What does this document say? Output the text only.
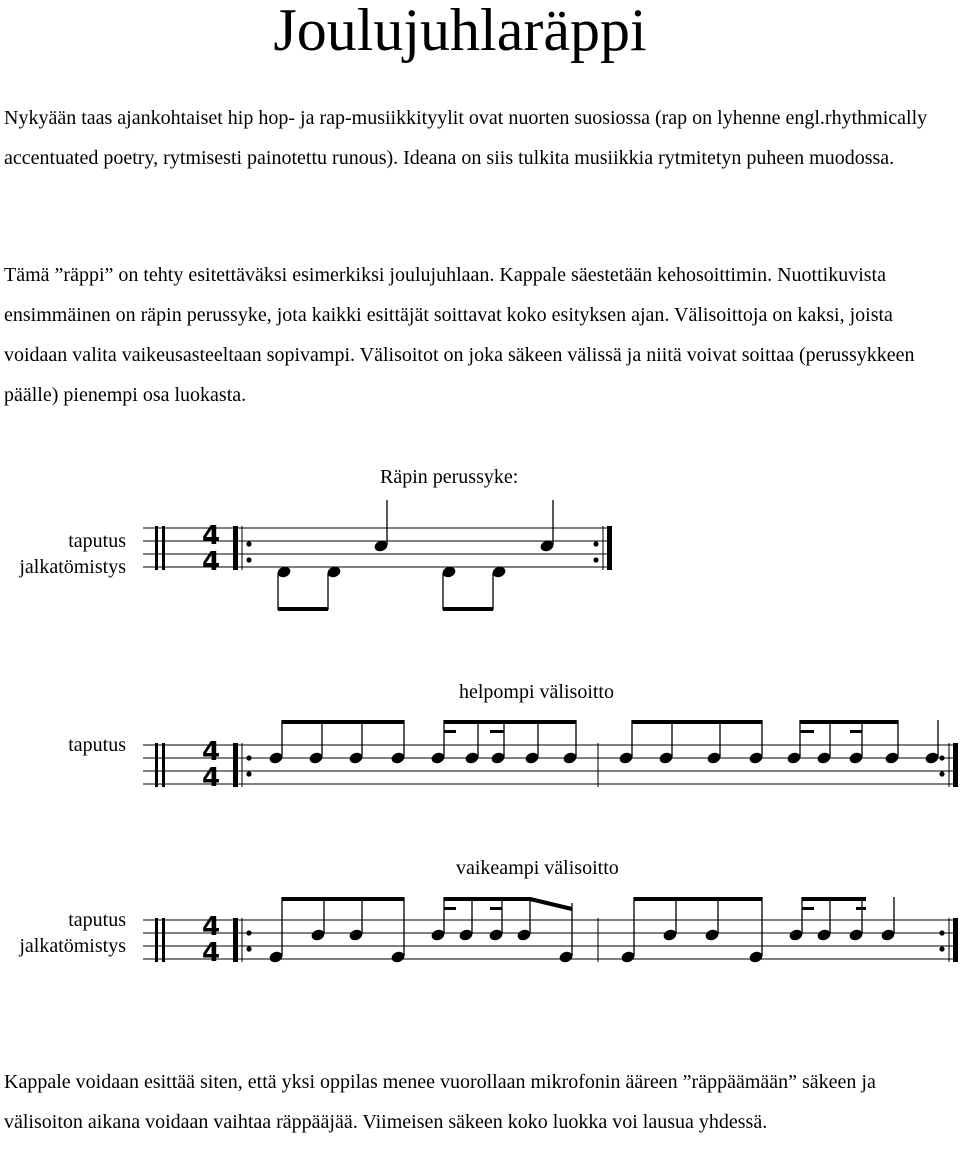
Joulujuhlaräppi

Nykyään taas ajankohtaiset hip hop- ja rap-musiikkityylit ovat nuorten suosiossa (rap on lyhenne engl.rhythmically accentuated poetry, rytmisesti painotettu runous). Ideana on siis tulkita musiikkia rytmitetyn puheen muodossa.

Tämä ”räppi” on tehty esitettäväksi esimerkiksi joulujuhlaan. Kappale säestetään kehosoittimin. Nuottikuvista ensimmäinen on räpin perussyke, jota kaikki esittäjät soittavat koko esityksen ajan. Välisoittoja on kaksi, joista voidaan valita vaikeusasteeltaan sopivampi. Välisoitot on joka säkeen välissä ja niitä voivat soittaa (perussykkeen päälle) pienempi osa luokasta.

Räpin perussyke:
taputus
jalkatömistys
4
4
helpompi välisoitto
taputus	4
4
vaikeampi välisoitto
taputus
jalkatömistys
4
4

Kappale voidaan esittää siten, että yksi oppilas menee vuorollaan mikrofonin ääreen ”räppäämään” säkeen ja välisoiton aikana voidaan vaihtaa räppääjää. Viimeisen säkeen koko luokka voi lausua yhdessä.
